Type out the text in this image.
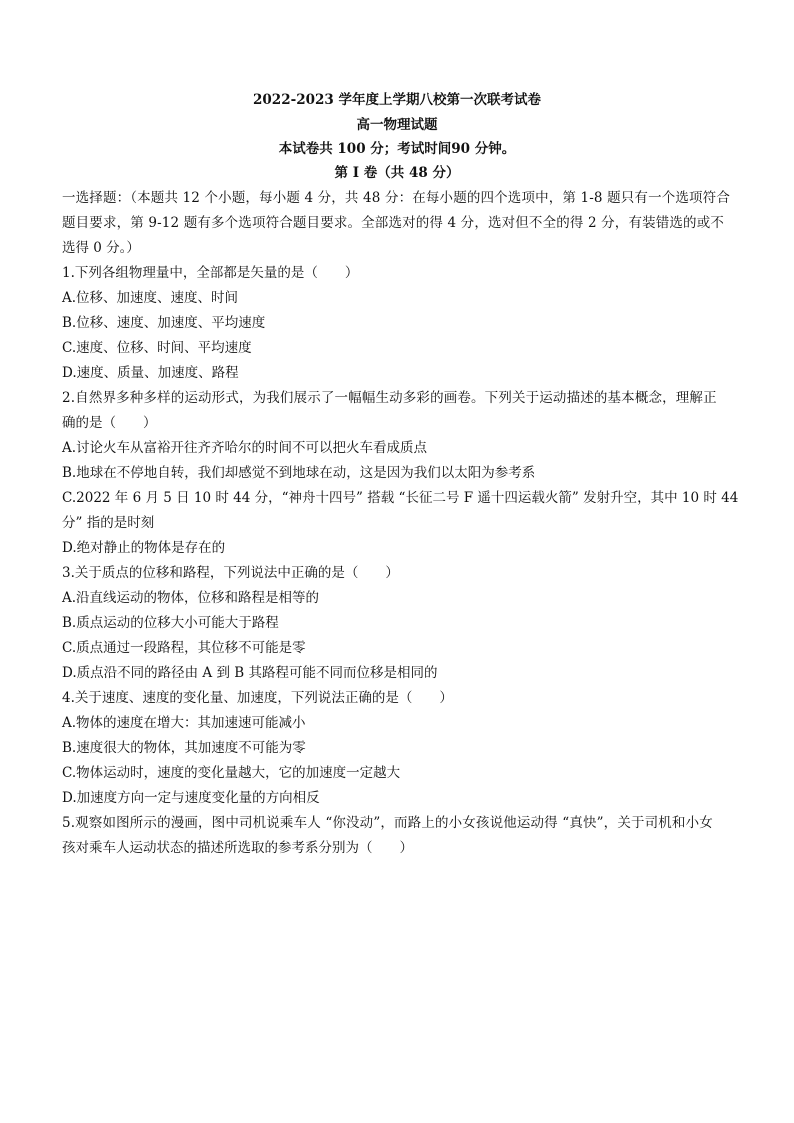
2022-2023 学年度上学期八校第一次联考试卷
高一物理试题
本试卷共 100 分；考试时间90 分钟。
第 I 卷（共 48 分）
一选择题：（本题共 12 个小题，每小题 4 分，共 48 分：在每小题的四个选项中，第 1-8 题只有一个选项符合
题目要求，第 9-12 题有多个选项符合题目要求。全部选对的得 4 分，选对但不全的得 2 分，有装错选的或不
选得 0 分。）
1.下列各组物理量中，全部都是矢量的是（　　）
A.位移、加速度、速度、时间
B.位移、速度、加速度、平均速度
C.速度、位移、时间、平均速度
D.速度、质量、加速度、路程
2.自然界多种多样的运动形式，为我们展示了一幅幅生动多彩的画卷。下列关于运动描述的基本概念，理解正
确的是（　　）
A.讨论火车从富裕开往齐齐哈尔的时间不可以把火车看成质点
B.地球在不停地自转，我们却感觉不到地球在动，这是因为我们以太阳为参考系
C.2022 年 6 月 5 日 10 时 44 分，“神舟十四号” 搭载 “长征二号 F 遥十四运载火箭” 发射升空，其中 10 时 44
分” 指的是时刻
D.绝对静止的物体是存在的
3.关于质点的位移和路程，下列说法中正确的是（　　）
A.沿直线运动的物体，位移和路程是相等的
B.质点运动的位移大小可能大于路程
C.质点通过一段路程，其位移不可能是零
D.质点沿不同的路径由 A 到 B 其路程可能不同而位移是相同的
4.关于速度、速度的变化量、加速度，下列说法正确的是（　　）
A.物体的速度在增大：其加速速可能减小
B.速度很大的物体，其加速度不可能为零
C.物体运动时，速度的变化量越大，它的加速度一定越大
D.加速度方向一定与速度变化量的方向相反
5.观察如图所示的漫画，图中司机说乘车人 “你没动”，而路上的小女孩说他运动得 “真快”，关于司机和小女
孩对乘车人运动状态的描述所选取的参考系分别为（　　）
